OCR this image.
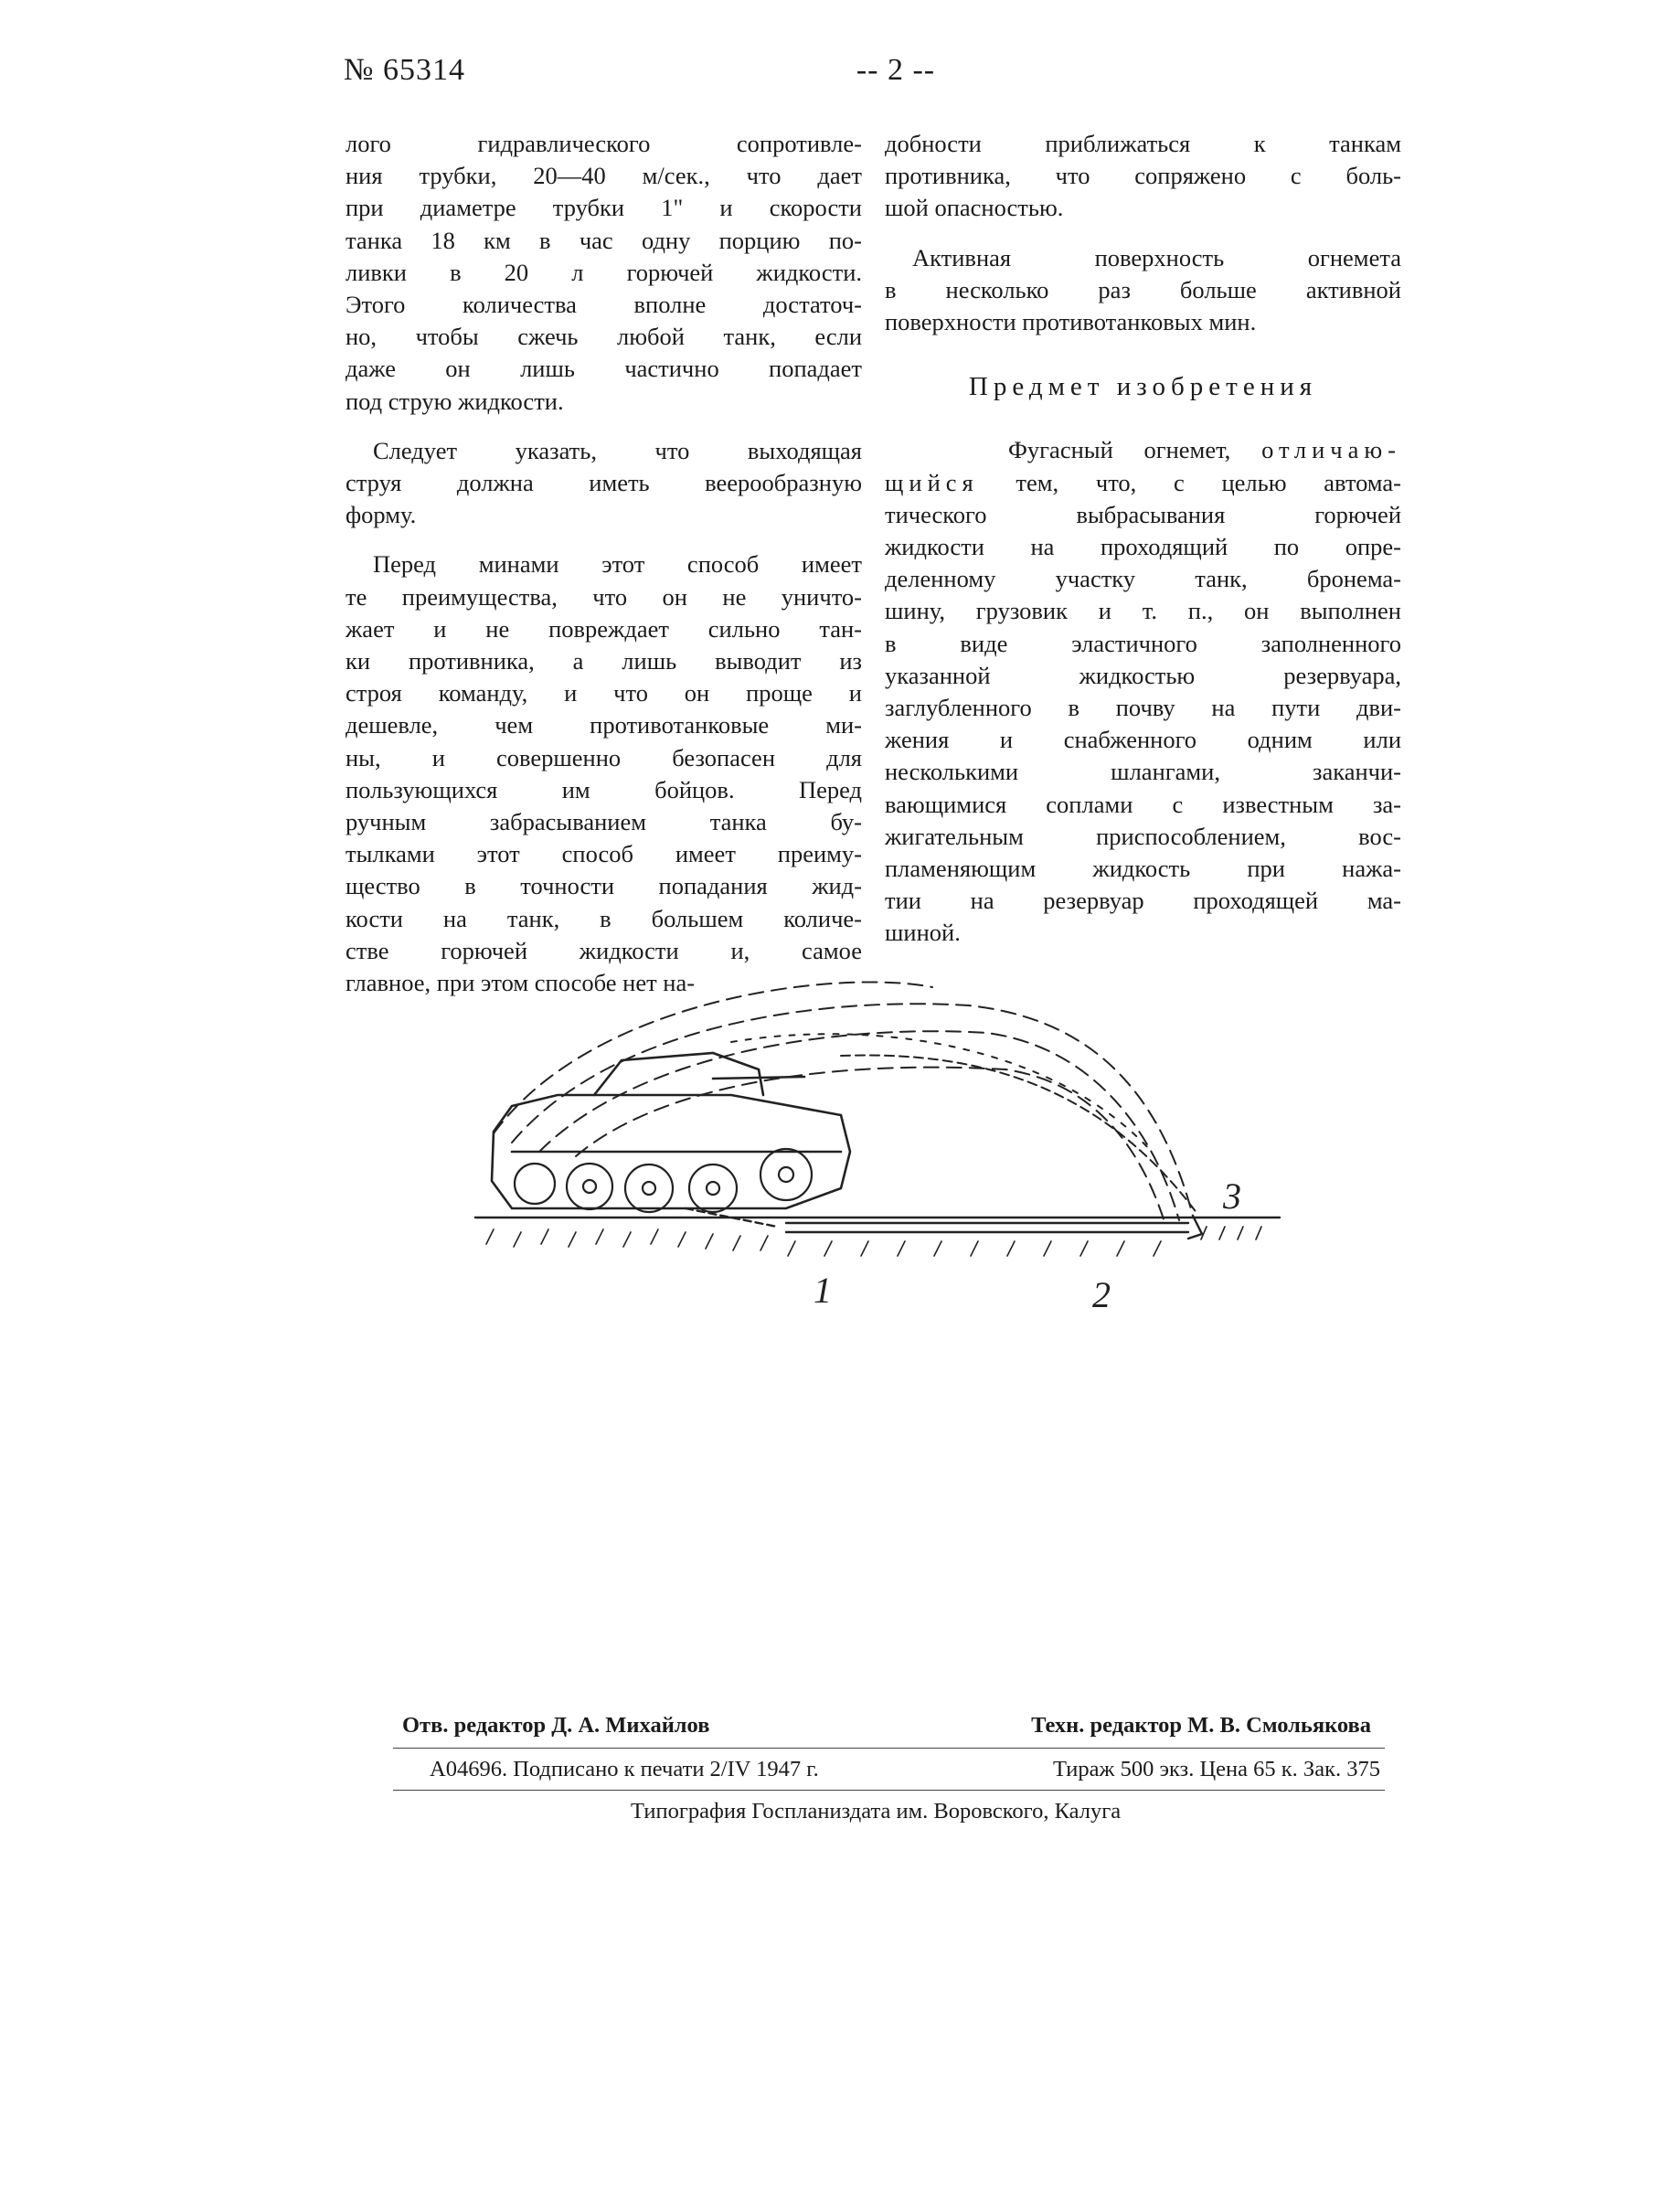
№ 65314	-- 2 --

лого гидравлического сопротивле-

ния трубки, 20—40 м/сек., что дает

при диаметре трубки 1" и скорости

танка 18 км в час одну порцию по-

ливки в 20 л горючей жидкости.

Этого количества вполне достаточ-

но, чтобы сжечь любой танк, если

даже он лишь частично попадает

под струю жидкости.

Следует указать, что выходящая

струя должна иметь веерообразную

форму.

Перед минами этот способ имеет

те преимущества, что он не уничто-

жает и не повреждает сильно тан-

ки противника, а лишь выводит из

строя команду, и что он проще и

дешевле, чем противотанковые ми-

ны, и совершенно безопасен для

пользующихся им бойцов. Перед

ручным забрасыванием танка бу-

тылками этот способ имеет преиму-

щество в точности попадания жид-

кости на танк, в большем количе-

стве горючей жидкости и, самое

главное, при этом способе нет на-

добности приближаться к танкам

противника, что сопряжено с боль-

шой опасностью.

Активная поверхность огнемета

в несколько раз больше активной

поверхности противотанковых мин.

Предмет изобретения

Фугасный огнемет, отличаю-

щийся тем, что, с целью автома-

тического выбрасывания горючей

жидкости на проходящий по опре-

деленному участку танк, бронема-

шину, грузовик и т. п., он выполнен

в виде эластичного заполненного

указанной жидкостью резервуара,

заглубленного в почву на пути дви-

жения и снабженного одним или

несколькими шлангами, заканчи-

вающимися соплами с известным за-

жигательным приспособлением, вос-

пламеняющим жидкость при нажа-

тии на резервуар проходящей ма-

шиной.

1	2
3
Отв. редактор Д. А. Михайлов	Техн. редактор М. В. Смольякова
А04696. Подписано к печати 2/IV 1947 г.	Тираж 500 экз. Цена 65 к. Зак. 375
Типография Госпланиздата им. Воровского, Калуга
